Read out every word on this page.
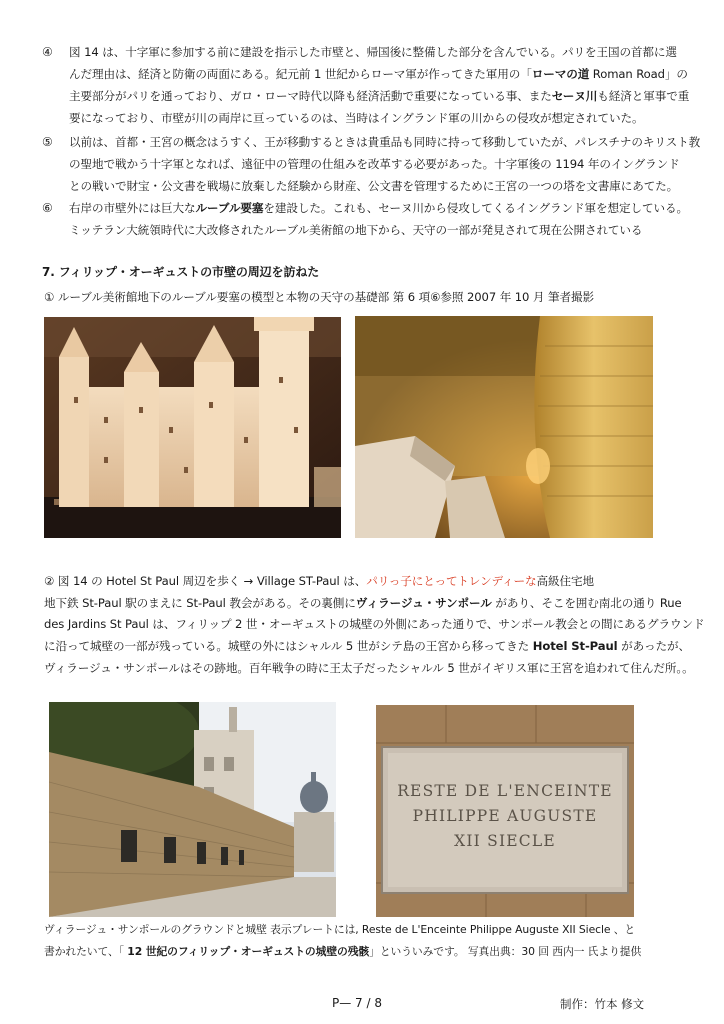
④ 図 14 は、十字軍に参加する前に建設を指示した市壁と、帰国後に整備した部分を含んでいる。パリを王国の首都に選
んだ理由は、経済と防衛の両面にある。紀元前 1 世紀からローマ軍が作ってきた軍用の「ローマの道 Roman Road」の
主要部分がパリを通っており、ガロ・ローマ時代以降も経済活動で重要になっている事、またセーヌ川も経済と軍事で重
要になっており、市壁が川の両岸に亘っているのは、当時はイングランド軍の川からの侵攻が想定されていた。
⑤ 以前は、首都・王宮の概念はうすく、王が移動するときは貴重品も同時に持って移動していたが、パレスチナのキリスト教
の聖地で戦かう十字軍となれば、遠征中の管理の仕組みを改革する必要があった。十字軍後の 1194 年のイングランド
との戦いで財宝・公文書を戦場に放棄した経験から財産、公文書を管理するために王宮の一つの塔を文書庫にあてた。
⑥ 右岸の市壁外には巨大なルーブル要塞を建設した。これも、セーヌ川から侵攻してくるイングランド軍を想定している。
ミッテラン大統領時代に大改修されたルーブル美術館の地下から、天守の一部が発見されて現在公開されている
7. フィリップ・オーギュストの市壁の周辺を訪ねた
① ルーブル美術館地下のルーブル要塞の模型と本物の天守の基礎部 第 6 項⑥参照 2007 年 10 月 筆者撮影
② 図 14 の Hotel St Paul 周辺を歩く → Village ST-Paul は、パリっ子にとってトレンディーな高級住宅地
地下鉄 St-Paul 駅のまえに St-Paul 教会がある。その裏側にヴィラージュ・サンポール があり、そこを囲む南北の通り Rue
des Jardins St Paul は、フィリップ 2 世・オーギュストの城壁の外側にあった通りで、サンポール教会との間にあるグラウンド
に沿って城壁の一部が残っている。城壁の外にはシャルル 5 世がシテ島の王宮から移ってきた Hotel St-Paul があったが、
ヴィラージュ・サンポールはその跡地。百年戦争の時に王太子だったシャルル 5 世がイギリス軍に王宮を追われて住んだ所。。
RESTE DE L'ENCEINTE
PHILIPPE AUGUSTE
XII SIECLE
ヴィラージュ・サンポールのグラウンドと城壁 表示プレートには, Reste de L'Enceinte Philippe Auguste XII Siecle 、と
書かれたいて、「 12 世紀のフィリップ・オーギュストの城壁の残骸」といういみです。 写真出典：30 回 西内一 氏より提供
P— 7 / 8	制作：竹本 修文
